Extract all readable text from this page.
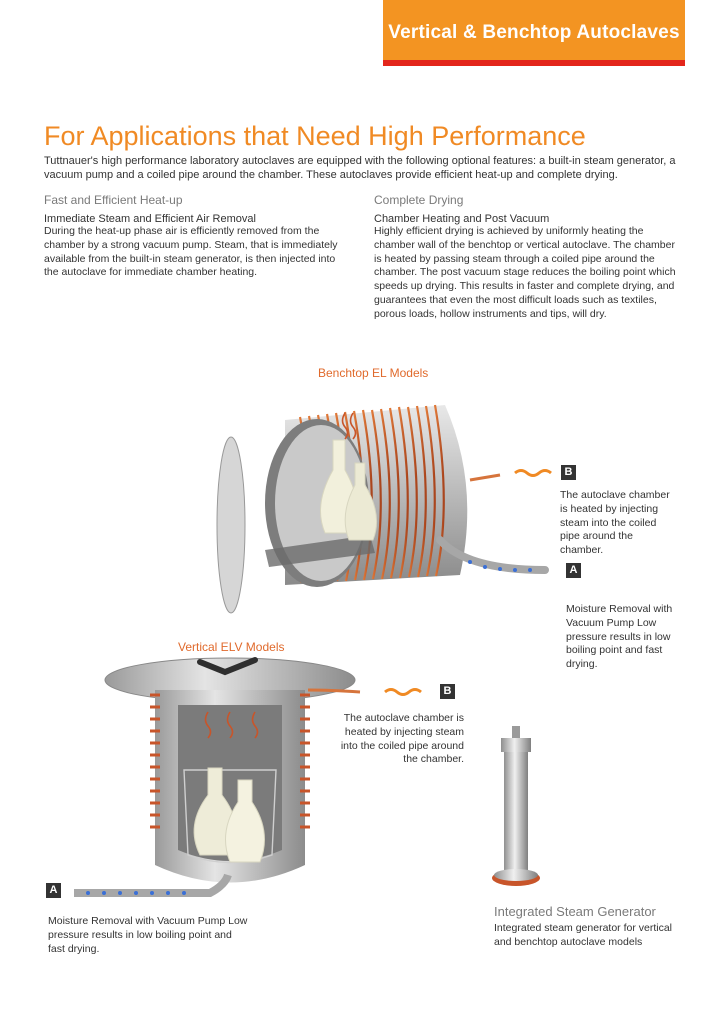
Vertical & Benchtop Autoclaves
For Applications that Need High Performance
Tuttnauer's high performance laboratory autoclaves are equipped with the following optional features: a built-in steam generator, a vacuum pump and a coiled pipe around the chamber. These autoclaves provide efficient heat-up and complete drying.
Fast and Efficient Heat-up
Immediate Steam and Efficient Air Removal
During the heat-up phase air is efficiently removed from the chamber by a strong vacuum pump. Steam, that is immediately available from the built-in steam generator, is then injected into the autoclave for immediate chamber heating.
Complete Drying
Chamber Heating and Post Vacuum
Highly efficient drying is achieved by uniformly heating the chamber wall of the benchtop or vertical autoclave. The chamber is heated by passing steam through a coiled pipe around the chamber. The post vacuum stage reduces the boiling point which speeds up drying. This results in faster and complete drying, and guarantees that even the most difficult loads such as textiles, porous loads, hollow instruments and tips, will dry.
Benchtop EL Models
B
The autoclave chamber is heated by injecting steam into the coiled pipe around the chamber.
A
Moisture Removal with Vacuum Pump Low pressure results in low boiling point and fast drying.
Vertical ELV Models
B
The autoclave chamber is heated by injecting steam into the coiled pipe around the chamber.
A
Moisture Removal with Vacuum Pump Low pressure results in low boiling point and fast drying.
Integrated Steam Generator
Integrated steam generator for vertical and benchtop autoclave models
